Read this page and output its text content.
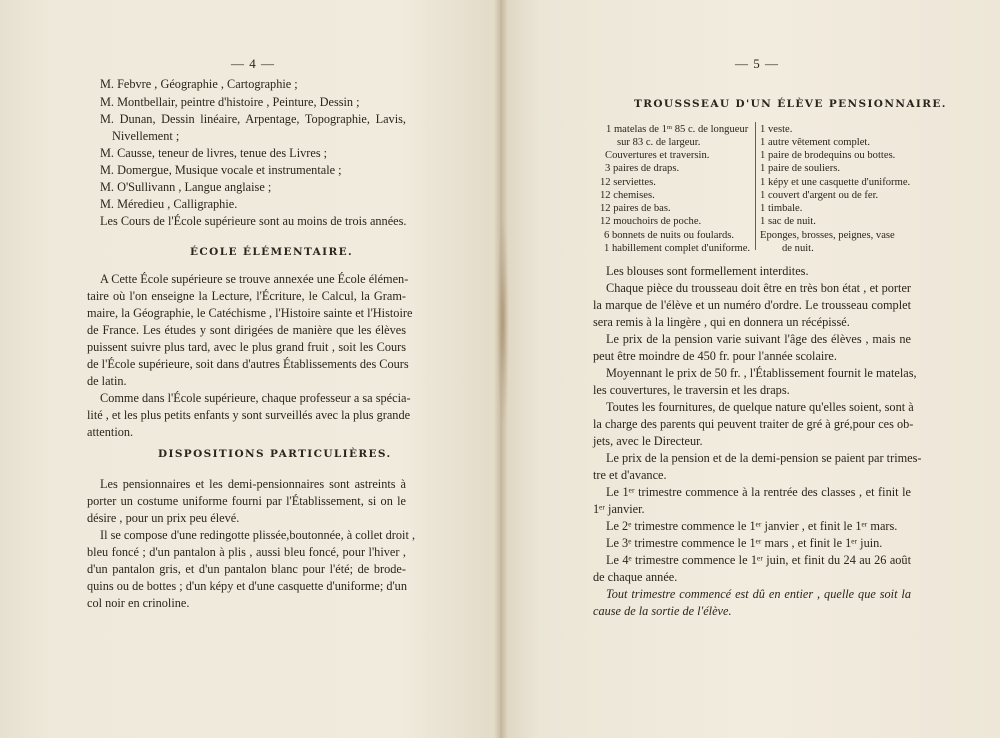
— 4 —
M. Febvre , Géographie , Cartographie ;
M. Montbellair, peintre d'histoire , Peinture, Dessin ;
M. Dunan, Dessin linéaire, Arpentage, Topographie, Lavis,
Nivellement ;
M. Causse, teneur de livres, tenue des Livres ;
M. Domergue, Musique vocale et instrumentale ;
M. O'Sullivann , Langue anglaise ;
M. Méredieu , Calligraphie.
Les Cours de l'École supérieure sont au moins de trois années.
ÉCOLE ÉLÉMENTAIRE.
A Cette École supérieure se trouve annexée une École élémen-
taire où l'on enseigne la Lecture, l'Écriture, le Calcul, la Gram-
maire, la Géographie, le Catéchisme , l'Histoire sainte et l'Histoire
de France. Les études y sont dirigées de manière que les élèves
puissent suivre plus tard, avec le plus grand fruit , soit les Cours
de l'École supérieure, soit dans d'autres Établissements des Cours
de latin.
Comme dans l'École supérieure, chaque professeur a sa spécia-
lité , et les plus petits enfants y sont surveillés avec la plus grande
attention.
DISPOSITIONS PARTICULIÈRES.
Les pensionnaires et les demi-pensionnaires sont astreints à
porter un costume uniforme fourni par l'Établissement, si on le
désire , pour un prix peu élevé.
Il se compose d'une redingotte plissée,boutonnée, à collet droit ,
bleu foncé ; d'un pantalon à plis , aussi bleu foncé, pour l'hiver ,
d'un pantalon gris, et d'un pantalon blanc pour l'été; de brode-
quins ou de bottes ; d'un képy et d'une casquette d'uniforme; d'un
col noir en crinoline.
— 5 —
TROUSSSEAU D'UN ÉLÈVE PENSIONNAIRE.
1 matelas de 1ᵐ 85 c. de longueur
sur 83 c. de largeur.
Couvertures et traversin.
3 paires de draps.
12 serviettes.
12 chemises.
12 paires de bas.
12 mouchoirs de poche.
6 bonnets de nuits ou foulards.
1 habillement complet d'uniforme.
1 veste.
1 autre vêtement complet.
1 paire de brodequins ou bottes.
1 paire de souliers.
1 képy et une casquette d'uniforme.
1 couvert d'argent ou de fer.
1 timbale.
1 sac de nuit.
Eponges, brosses, peignes, vase
de nuit.
Les blouses sont formellement interdites.
Chaque pièce du trousseau doit être en très bon état , et porter
la marque de l'élève et un numéro d'ordre. Le trousseau complet
sera remis à la lingère , qui en donnera un récépissé.
Le prix de la pension varie suivant l'âge des élèves , mais ne
peut être moindre de 450 fr. pour l'année scolaire.
Moyennant le prix de 50 fr. , l'Établissement fournit le matelas,
les couvertures, le traversin et les draps.
Toutes les fournitures, de quelque nature qu'elles soient, sont à
la charge des parents qui peuvent traiter de gré à gré,pour ces ob-
jets, avec le Directeur.
Le prix de la pension et de la demi-pension se paient par trimes-
tre et d'avance.
Le 1ᵉʳ trimestre commence à la rentrée des classes , et finit le
1ᵉʳ janvier.
Le 2ᵉ trimestre commence le 1ᵉʳ janvier , et finit le 1ᵉʳ mars.
Le 3ᵉ trimestre commence le 1ᵉʳ mars , et finit le 1ᵉʳ juin.
Le 4ᵉ trimestre commence le 1ᵉʳ juin, et finit du 24 au 26 août
de chaque année.
Tout trimestre commencé est dû en entier , quelle que soit la
cause de la sortie de l'élève.
